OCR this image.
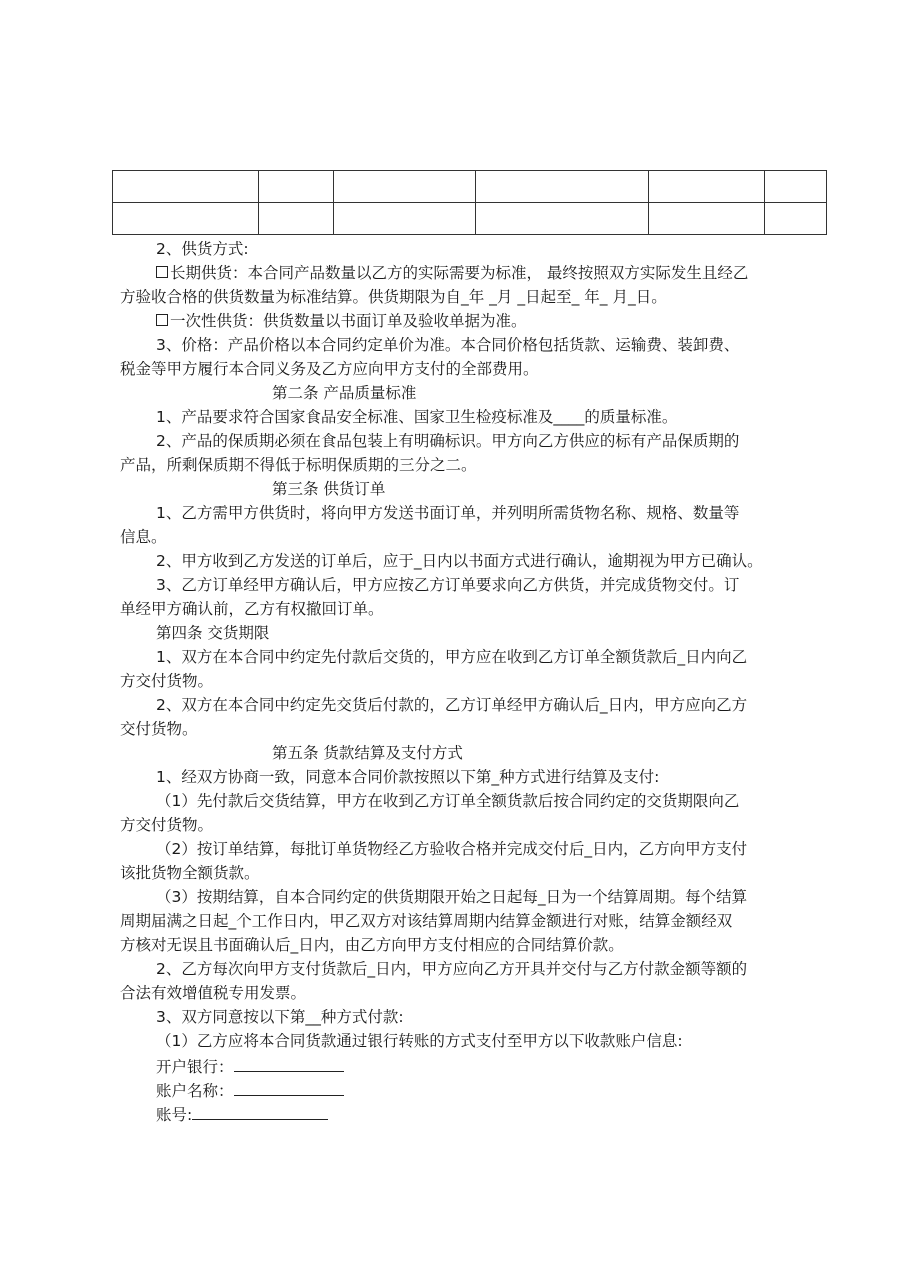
2、供货方式:
长期供货：本合同产品数量以乙方的实际需要为标准， 最终按照双方实际发生且经乙
方验收合格的供货数量为标准结算。供货期限为自_年 _月 _日起至_ 年_ 月_日。
一次性供货：供货数量以书面订单及验收单据为准。
3、价格：产品价格以本合同约定单价为准。本合同价格包括货款、运输费、装卸费、
税金等甲方履行本合同义务及乙方应向甲方支付的全部费用。
第二条 产品质量标准
1、产品要求符合国家食品安全标准、国家卫生检疫标准及____的质量标准。
2、产品的保质期必须在食品包装上有明确标识。甲方向乙方供应的标有产品保质期的
产品，所剩保质期不得低于标明保质期的三分之二。
第三条 供货订单
1、乙方需甲方供货时，将向甲方发送书面订单，并列明所需货物名称、规格、数量等
信息。
2、甲方收到乙方发送的订单后，应于_日内以书面方式进行确认，逾期视为甲方已确认。
3、乙方订单经甲方确认后，甲方应按乙方订单要求向乙方供货，并完成货物交付。订
单经甲方确认前，乙方有权撤回订单。
第四条 交货期限
1、双方在本合同中约定先付款后交货的，甲方应在收到乙方订单全额货款后_日内向乙
方交付货物。
2、双方在本合同中约定先交货后付款的，乙方订单经甲方确认后_日内，甲方应向乙方
交付货物。
第五条 货款结算及支付方式
1、经双方协商一致，同意本合同价款按照以下第_种方式进行结算及支付:
（1）先付款后交货结算，甲方在收到乙方订单全额货款后按合同约定的交货期限向乙
方交付货物。
（2）按订单结算，每批订单货物经乙方验收合格并完成交付后_日内，乙方向甲方支付
该批货物全额货款。
（3）按期结算，自本合同约定的供货期限开始之日起每_日为一个结算周期。每个结算
周期届满之日起_个工作日内，甲乙双方对该结算周期内结算金额进行对账，结算金额经双
方核对无误且书面确认后_日内，由乙方向甲方支付相应的合同结算价款。
2、乙方每次向甲方支付货款后_日内，甲方应向乙方开具并交付与乙方付款金额等额的
合法有效增值税专用发票。
3、双方同意按以下第__种方式付款:
（1）乙方应将本合同货款通过银行转账的方式支付至甲方以下收款账户信息:
开户银行：
账户名称：
账号:
